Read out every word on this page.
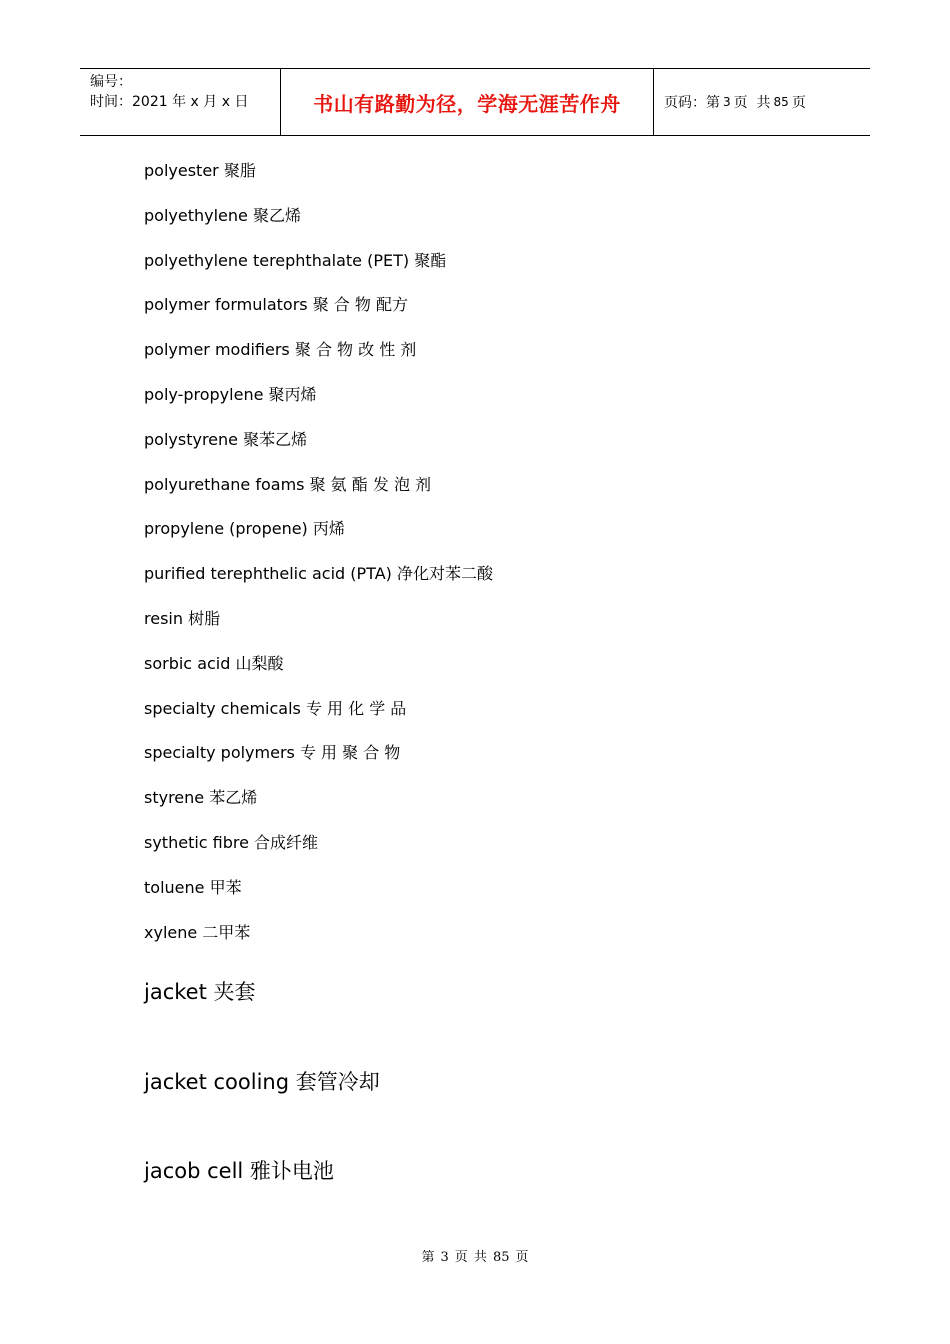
编号：
时间：2021 年 x 月 x 日	书山有路勤为径，学海无涯苦作舟	页码：第 3 页  共 85 页
polyester 聚脂
polyethylene 聚乙烯
polyethylene terephthalate (PET) 聚酯
polymer formulators 聚 合 物 配方
polymer modifiers 聚 合 物 改 性 剂
poly-propylene 聚丙烯
polystyrene 聚苯乙烯
polyurethane foams 聚 氨 酯 发 泡 剂
propylene (propene) 丙烯
purified terephthelic acid (PTA) 净化对苯二酸
resin 树脂
sorbic acid 山梨酸
specialty chemicals 专 用 化 学 品
specialty polymers 专 用 聚 合 物
styrene 苯乙烯
sythetic fibre 合成纤维
toluene 甲苯
xylene 二甲苯
jacket 夹套
jacket cooling 套管冷却
jacob cell 雅讣电池
第 3 页 共 85 页
